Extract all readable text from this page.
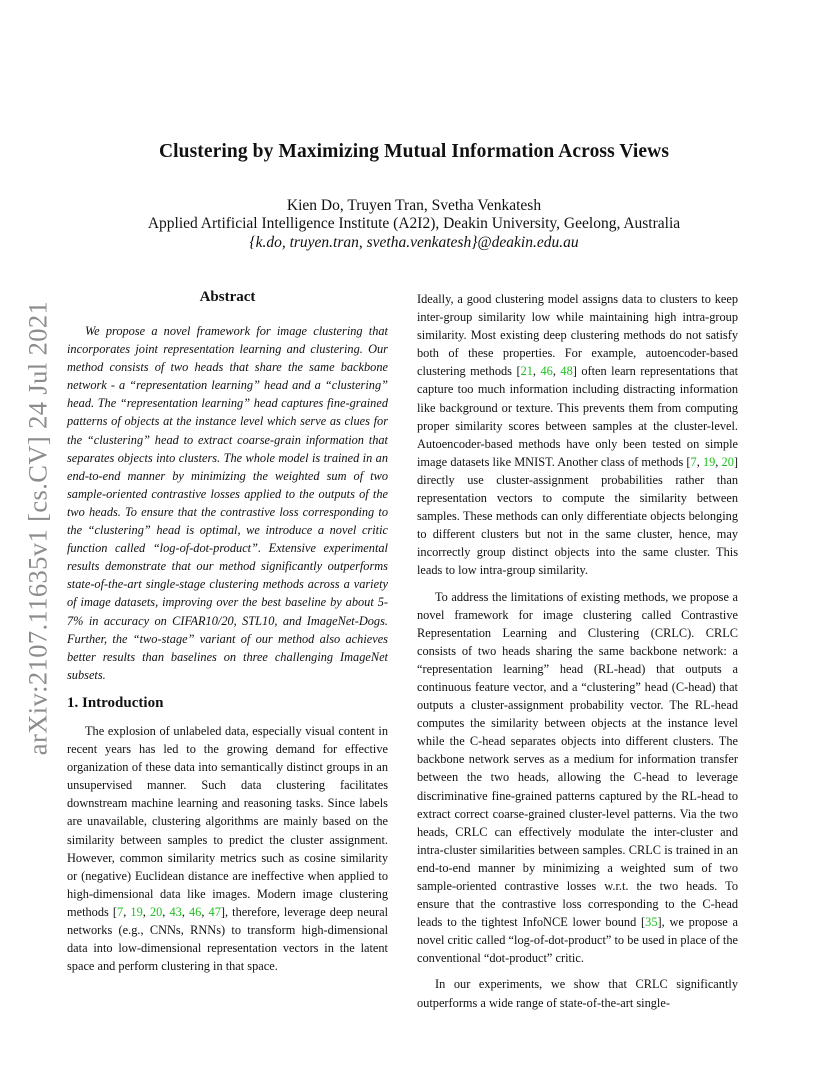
Clustering by Maximizing Mutual Information Across Views
Kien Do, Truyen Tran, Svetha Venkatesh
Applied Artificial Intelligence Institute (A2I2), Deakin University, Geelong, Australia
{k.do, truyen.tran, svetha.venkatesh}@deakin.edu.au
arXiv:2107.11635v1 [cs.CV] 24 Jul 2021
Abstract

We propose a novel framework for image clustering that incorporates joint representation learning and clustering. Our method consists of two heads that share the same backbone network - a “representation learning” head and a “clustering” head. The “representation learning” head captures fine-grained patterns of objects at the instance level which serve as clues for the “clustering” head to extract coarse-grain information that separates objects into clusters. The whole model is trained in an end-to-end manner by minimizing the weighted sum of two sample-oriented contrastive losses applied to the outputs of the two heads. To ensure that the contrastive loss corresponding to the “clustering” head is optimal, we introduce a novel critic function called “log-of-dot-product”. Extensive experimental results demonstrate that our method significantly outperforms state-of-the-art single-stage clustering methods across a variety of image datasets, improving over the best baseline by about 5-7% in accuracy on CIFAR10/20, STL10, and ImageNet-Dogs. Further, the “two-stage” variant of our method also achieves better results than baselines on three challenging ImageNet subsets.

1. Introduction

The explosion of unlabeled data, especially visual content in recent years has led to the growing demand for effective organization of these data into semantically distinct groups in an unsupervised manner. Such data clustering facilitates downstream machine learning and reasoning tasks. Since labels are unavailable, clustering algorithms are mainly based on the similarity between samples to predict the cluster assignment. However, common similarity metrics such as cosine similarity or (negative) Euclidean distance are ineffective when applied to high-dimensional data like images. Modern image clustering methods [7, 19, 20, 43, 46, 47], therefore, leverage deep neural networks (e.g., CNNs, RNNs) to transform high-dimensional data into low-dimensional representation vectors in the latent space and perform clustering in that space.

Ideally, a good clustering model assigns data to clusters to keep inter-group similarity low while maintaining high intra-group similarity. Most existing deep clustering methods do not satisfy both of these properties. For example, autoencoder-based clustering methods [21, 46, 48] often learn representations that capture too much information including distracting information like background or texture. This prevents them from computing proper similarity scores between samples at the cluster-level. Autoencoder-based methods have only been tested on simple image datasets like MNIST. Another class of methods [7, 19, 20] directly use cluster-assignment probabilities rather than representation vectors to compute the similarity between samples. These methods can only differentiate objects belonging to different clusters but not in the same cluster, hence, may incorrectly group distinct objects into the same cluster. This leads to low intra-group similarity.

To address the limitations of existing methods, we propose a novel framework for image clustering called Contrastive Representation Learning and Clustering (CRLC). CRLC consists of two heads sharing the same backbone network: a “representation learning” head (RL-head) that outputs a continuous feature vector, and a “clustering” head (C-head) that outputs a cluster-assignment probability vector. The RL-head computes the similarity between objects at the instance level while the C-head separates objects into different clusters. The backbone network serves as a medium for information transfer between the two heads, allowing the C-head to leverage discriminative fine-grained patterns captured by the RL-head to extract correct coarse-grained cluster-level patterns. Via the two heads, CRLC can effectively modulate the inter-cluster and intra-cluster similarities between samples. CRLC is trained in an end-to-end manner by minimizing a weighted sum of two sample-oriented contrastive losses w.r.t. the two heads. To ensure that the contrastive loss corresponding to the C-head leads to the tightest InfoNCE lower bound [35], we propose a novel critic called “log-of-dot-product” to be used in place of the conventional “dot-product” critic.

In our experiments, we show that CRLC significantly outperforms a wide range of state-of-the-art single-
